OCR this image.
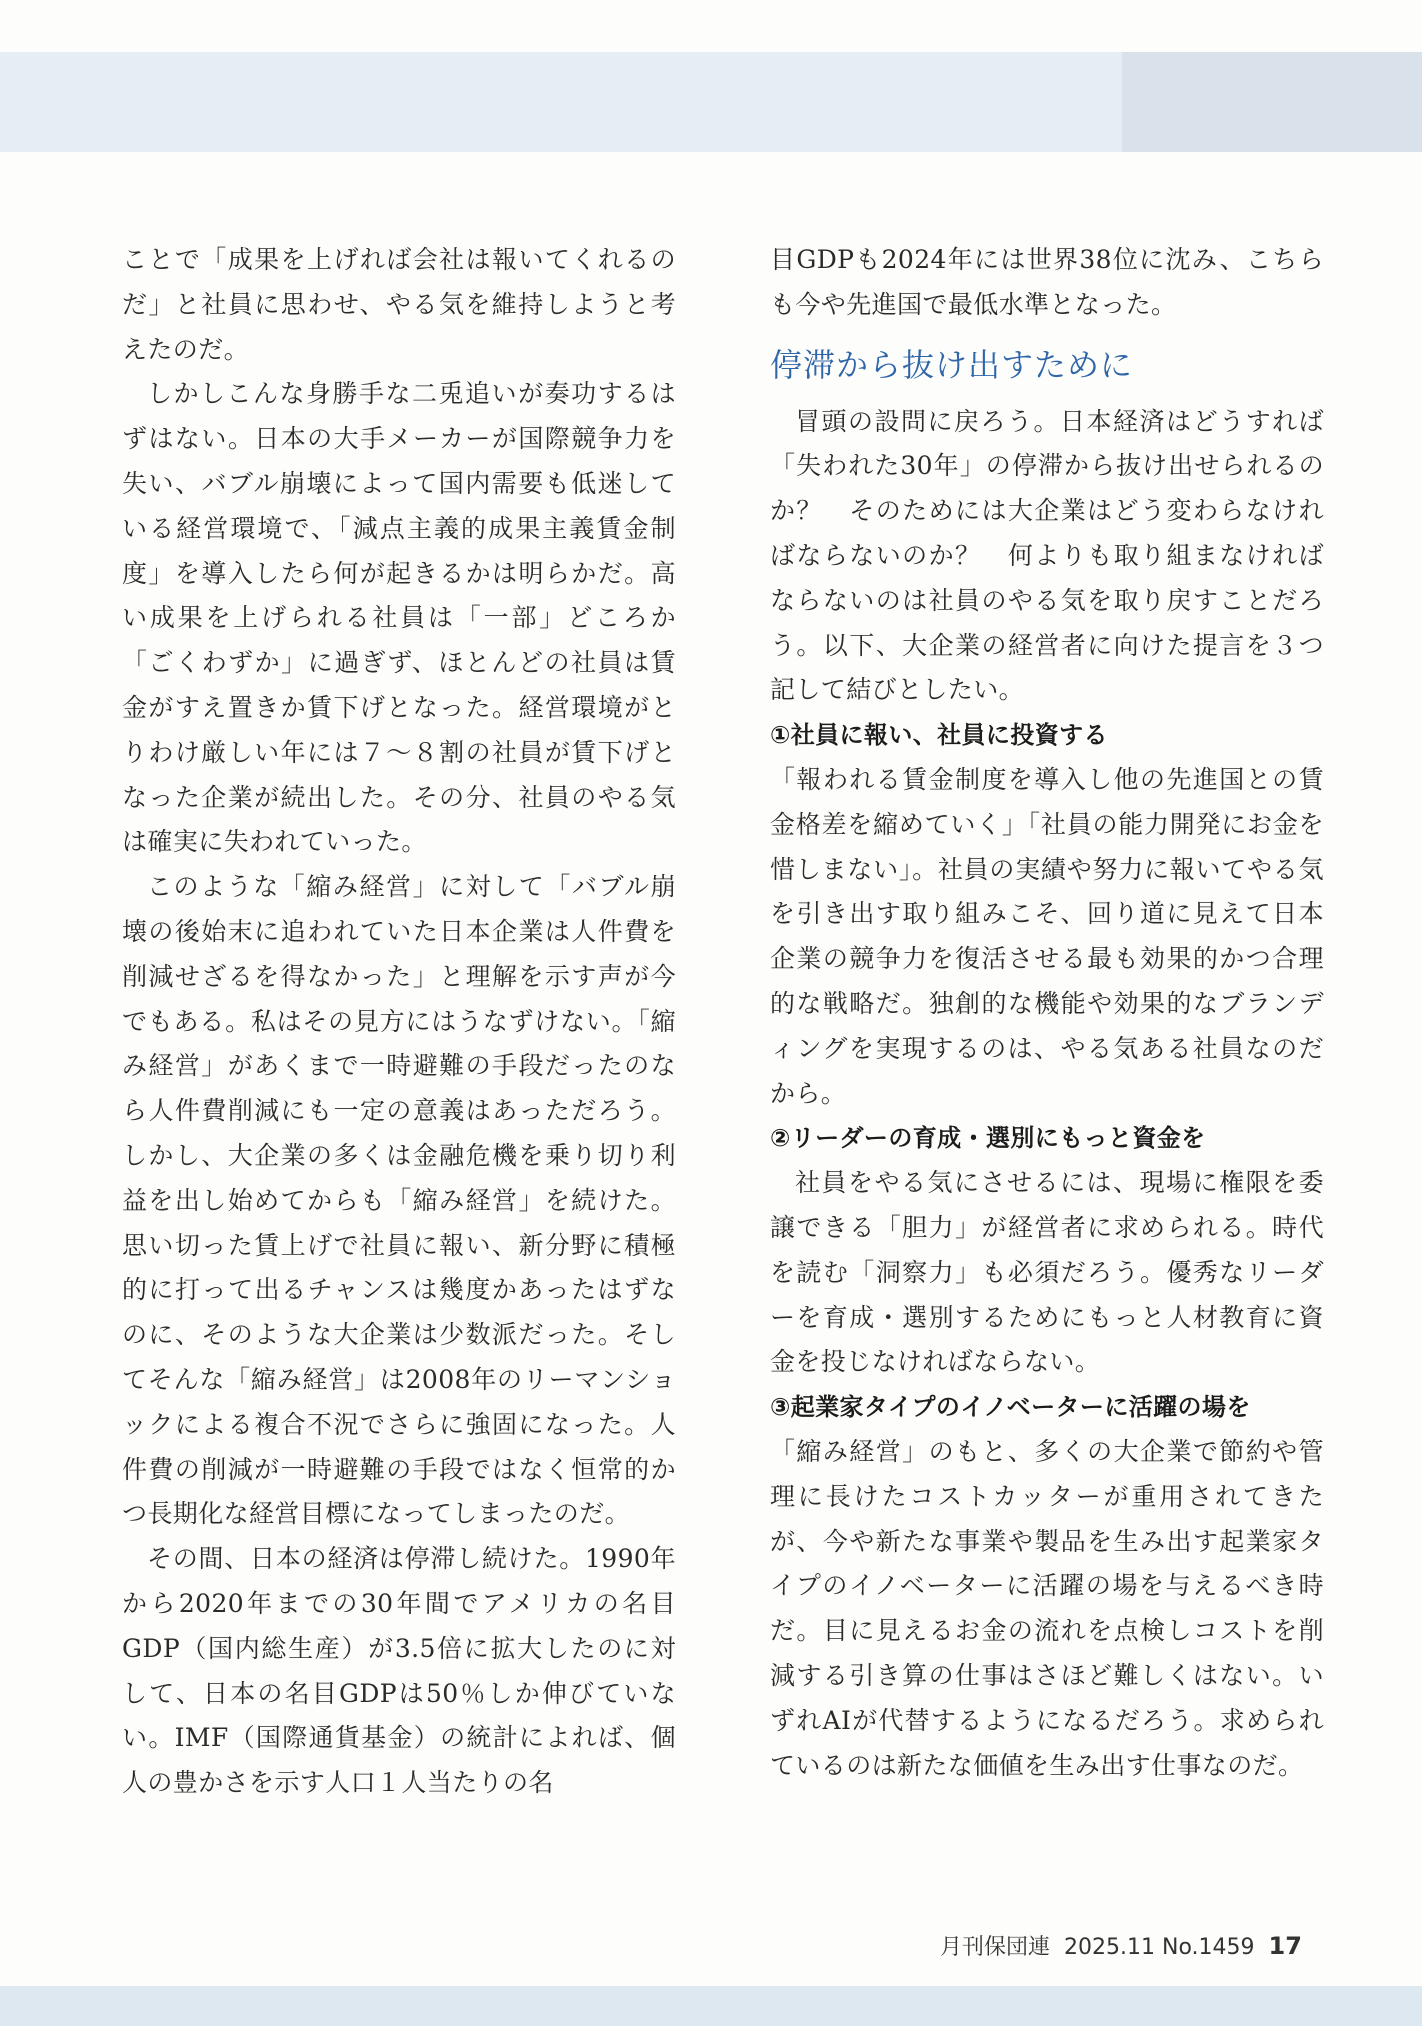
ことで「成果を上げれば会社は報いてくれるのだ」と社員に思わせ、やる気を維持しようと考えたのだ。

しかしこんな身勝手な二兎追いが奏功するはずはない。日本の大手メーカーが国際競争力を失い、バブル崩壊によって国内需要も低迷している経営環境で、「減点主義的成果主義賃金制度」を導入したら何が起きるかは明らかだ。高い成果を上げられる社員は「一部」どころか「ごくわずか」に過ぎず、ほとんどの社員は賃金がすえ置きか賃下げとなった。経営環境がとりわけ厳しい年には７～８割の社員が賃下げとなった企業が続出した。その分、社員のやる気は確実に失われていった。

このような「縮み経営」に対して「バブル崩壊の後始末に追われていた日本企業は人件費を削減せざるを得なかった」と理解を示す声が今でもある。私はその見方にはうなずけない。「縮み経営」があくまで一時避難の手段だったのなら人件費削減にも一定の意義はあっただろう。しかし、大企業の多くは金融危機を乗り切り利益を出し始めてからも「縮み経営」を続けた。思い切った賃上げで社員に報い、新分野に積極的に打って出るチャンスは幾度かあったはずなのに、そのような大企業は少数派だった。そしてそんな「縮み経営」は2008年のリーマンショックによる複合不況でさらに強固になった。人件費の削減が一時避難の手段ではなく恒常的かつ長期化な経営目標になってしまったのだ。

その間、日本の経済は停滞し続けた。1990年から2020年までの30年間でアメリカの名目GDP（国内総生産）が3.5倍に拡大したのに対して、日本の名目GDPは50％しか伸びていない。IMF（国際通貨基金）の統計によれば、個人の豊かさを示す人口１人当たりの名

目GDPも2024年には世界38位に沈み、こちらも今や先進国で最低水準となった。

停滞から抜け出すために

冒頭の設問に戻ろう。日本経済はどうすれば「失われた30年」の停滞から抜け出せられるのか？　そのためには大企業はどう変わらなければならないのか？　何よりも取り組まなければならないのは社員のやる気を取り戻すことだろう。以下、大企業の経営者に向けた提言を３つ記して結びとしたい。

①社員に報い、社員に投資する

「報われる賃金制度を導入し他の先進国との賃金格差を縮めていく」「社員の能力開発にお金を惜しまない」。社員の実績や努力に報いてやる気を引き出す取り組みこそ、回り道に見えて日本企業の競争力を復活させる最も効果的かつ合理的な戦略だ。独創的な機能や効果的なブランディングを実現するのは、やる気ある社員なのだから。

②リーダーの育成・選別にもっと資金を

社員をやる気にさせるには、現場に権限を委譲できる「胆力」が経営者に求められる。時代を読む「洞察力」も必須だろう。優秀なリーダーを育成・選別するためにもっと人材教育に資金を投じなければならない。

③起業家タイプのイノベーターに活躍の場を

「縮み経営」のもと、多くの大企業で節約や管理に長けたコストカッターが重用されてきたが、今や新たな事業や製品を生み出す起業家タイプのイノベーターに活躍の場を与えるべき時だ。目に見えるお金の流れを点検しコストを削減する引き算の仕事はさほど難しくはない。いずれAIが代替するようになるだろう。求められているのは新たな価値を生み出す仕事なのだ。

月刊保団連 2025.11 No.1459 17
